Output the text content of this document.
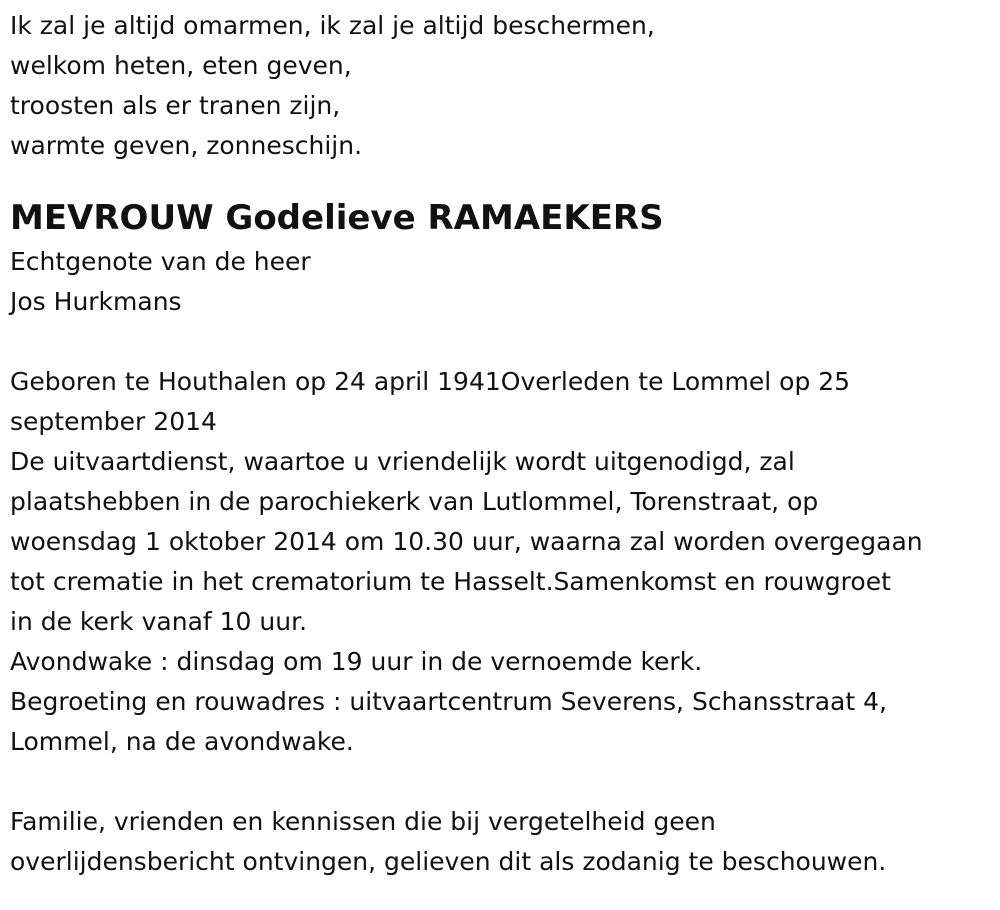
Ik zal je altijd omarmen, ik zal je altijd beschermen,
welkom heten, eten geven,
troosten als er tranen zijn,
warmte geven, zonneschijn.
MEVROUW Godelieve RAMAEKERS
Echtgenote van de heer
Jos Hurkmans
Geboren te Houthalen op 24 april 1941Overleden te Lommel op 25
september 2014
De uitvaartdienst, waartoe u vriendelijk wordt uitgenodigd, zal
plaatshebben in de parochiekerk van Lutlommel, Torenstraat, op
woensdag 1 oktober 2014 om 10.30 uur, waarna zal worden overgegaan
tot crematie in het crematorium te Hasselt.Samenkomst en rouwgroet
in de kerk vanaf 10 uur.
Avondwake : dinsdag om 19 uur in de vernoemde kerk.
Begroeting en rouwadres : uitvaartcentrum Severens, Schansstraat 4,
Lommel, na de avondwake.
Familie, vrienden en kennissen die bij vergetelheid geen
overlijdensbericht ontvingen, gelieven dit als zodanig te beschouwen.
